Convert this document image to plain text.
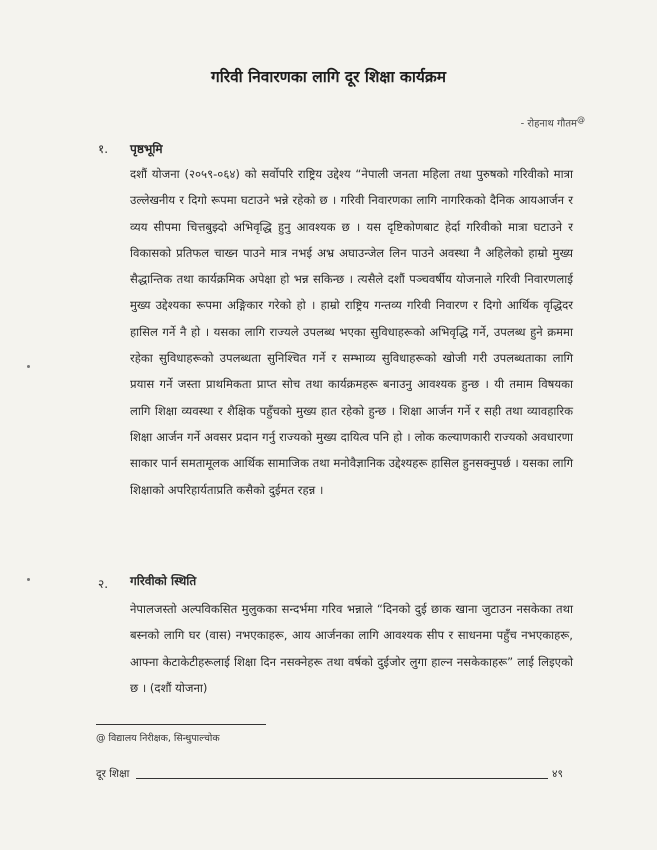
गरिवी निवारणका लागि दूर शिक्षा कार्यक्रम
- रोहनाथ गौतम@
१. पृष्ठभूमि
दशौं योजना (२०५९-०६४) को सर्वोपरि राष्ट्रिय उद्देश्य “नेपाली जनता महिला तथा पुरुषको गरिवीको मात्रा उल्लेखनीय र दिगो रूपमा घटाउने भन्ने रहेको छ । गरिवी निवारणका लागि नागरिकको दैनिक आयआर्जन र व्यय सीपमा चित्तबुझ्दो अभिवृद्धि हुनु आवश्यक छ । यस दृष्टिकोणबाट हेर्दा गरिवीको मात्रा घटाउने र विकासको प्रतिफल चाख्न पाउने मात्र नभई अभ्र अघाउन्जेल लिन पाउने अवस्था नै अहिलेको हाम्रो मुख्य सैद्धान्तिक तथा कार्यक्रमिक अपेक्षा हो भन्न सकिन्छ । त्यसैले दशौं पञ्चवर्षीय योजनाले गरिवी निवारणलाई मुख्य उद्देश्यका रूपमा अङ्गिकार गरेको हो । हाम्रो राष्ट्रिय गन्तव्य गरिवी निवारण र दिगो आर्थिक वृद्धिदर हासिल गर्ने नै हो । यसका लागि राज्यले उपलब्ध भएका सुविधाहरूको अभिवृद्धि गर्ने, उपलब्ध हुने क्रममा रहेका सुविधाहरूको उपलब्धता सुनिश्चित गर्ने र सम्भाव्य सुविधाहरूको खोजी गरी उपलब्धताका लागि प्रयास गर्ने जस्ता प्राथमिकता प्राप्त सोच तथा कार्यक्रमहरू बनाउनु आवश्यक हुन्छ । यी तमाम विषयका लागि शिक्षा व्यवस्था र शैक्षिक पहुँचको मुख्य हात रहेको हुन्छ । शिक्षा आर्जन गर्ने र सही तथा व्यावहारिक शिक्षा आर्जन गर्ने अवसर प्रदान गर्नु राज्यको मुख्य दायित्व पनि हो । लोक कल्याणकारी राज्यको अवधारणा साकार पार्न समतामूलक आर्थिक सामाजिक तथा मनोवैज्ञानिक उद्देश्यहरू हासिल हुनसक्नुपर्छ । यसका लागि शिक्षाको अपरिहार्यताप्रति कसैको दुईमत रहन्न ।
२. गरिवीको स्थिति
नेपालजस्तो अल्पविकसित मुलुकका सन्दर्भमा गरिव भन्नाले “दिनको दुई छाक खाना जुटाउन नसकेका तथा बस्नको लागि घर (वास) नभएकाहरू, आय आर्जनका लागि आवश्यक सीप र साधनमा पहुँच नभएकाहरू, आफ्ना केटाकेटीहरूलाई शिक्षा दिन नसक्नेहरू तथा वर्षको दुईजोर लुगा हाल्न नसकेकाहरू” लाई लिइएको छ । (दशौं योजना)
@ विद्यालय निरीक्षक, सिन्धुपाल्चोक
दूर शिक्षा	४९
